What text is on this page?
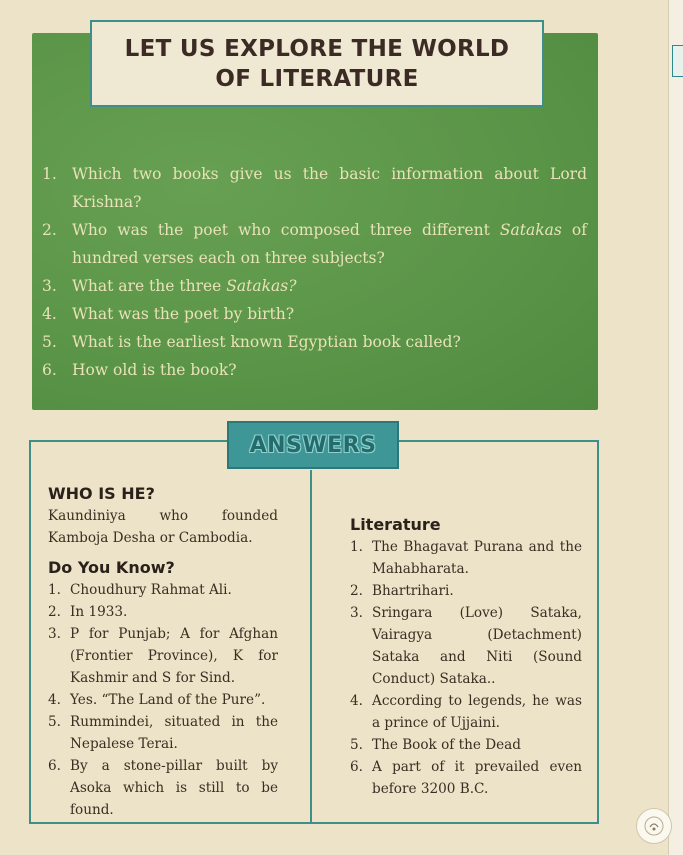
LET US EXPLORE THE WORLD
OF LITERATURE
1. Which two books give us the basic information about Lord Krishna?
2. Who was the poet who composed three different Satakas of hundred verses each on three subjects?
3. What are the three Satakas?
4. What was the poet by birth?
5. What is the earliest known Egyptian book called?
6. How old is the book?
ANSWERS
WHO IS HE?
Kaundiniya who founded Kamboja Desha or Cambodia.
Do You Know?
1. Choudhury Rahmat Ali.
2. In 1933.
3. P for Punjab; A for Afghan (Frontier Province), K for Kashmir and S for Sind.
4. Yes. “The Land of the Pure”.
5. Rummindei, situated in the Nepalese Terai.
6. By a stone-pillar built by Asoka which is still to be found.
Literature
1. The Bhagavat Purana and the Mahabharata.
2. Bhartrihari.
3. Sringara (Love) Sataka, Vairagya (Detachment) Sataka and Niti (Sound Conduct) Sataka..
4. According to legends, he was a prince of Ujjaini.
5. The Book of the Dead
6. A part of it prevailed even before 3200 B.C.
